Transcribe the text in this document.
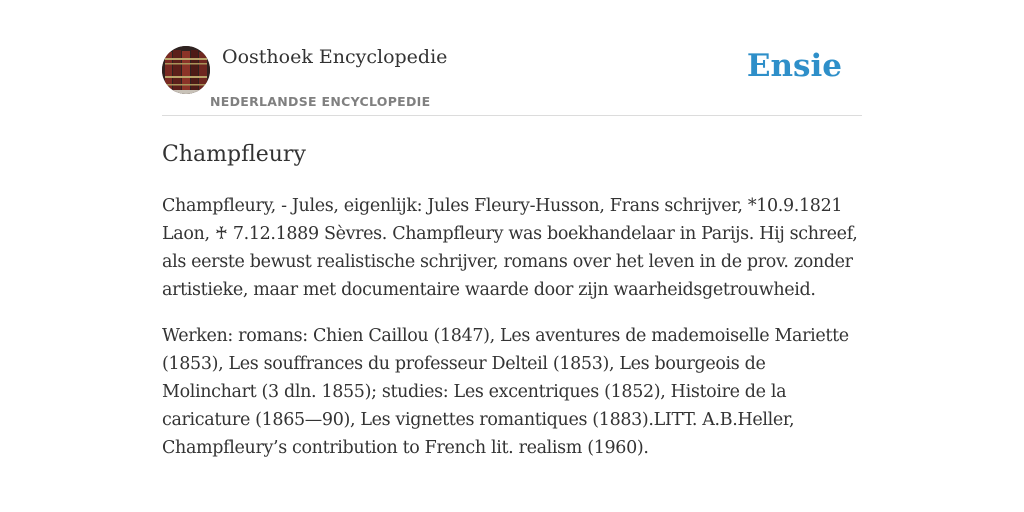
Oosthoek Encyclopedie
NEDERLANDSE ENCYCLOPEDIE
Ensie
Champfleury

Champfleury, - Jules, eigenlijk: Jules Fleury-Husson, Frans schrijver, *10.9.1821 Laon, ♰ 7.12.1889 Sèvres. Champfleury was boekhandelaar in Parijs. Hij schreef, als eerste bewust realistische schrijver, romans over het leven in de prov. zonder artistieke, maar met documentaire waarde door zijn waarheidsgetrouwheid.

Werken: romans: Chien Caillou (1847), Les aventures de mademoiselle Mariette (1853), Les souffrances du professeur Delteil (1853), Les bourgeois de Molinchart (3 dln. 1855); studies: Les excentriques (1852), Histoire de la caricature (1865—90), Les vignettes romantiques (1883).LITT. A.B.Heller, Champfleury’s contribution to French lit. realism (1960).
